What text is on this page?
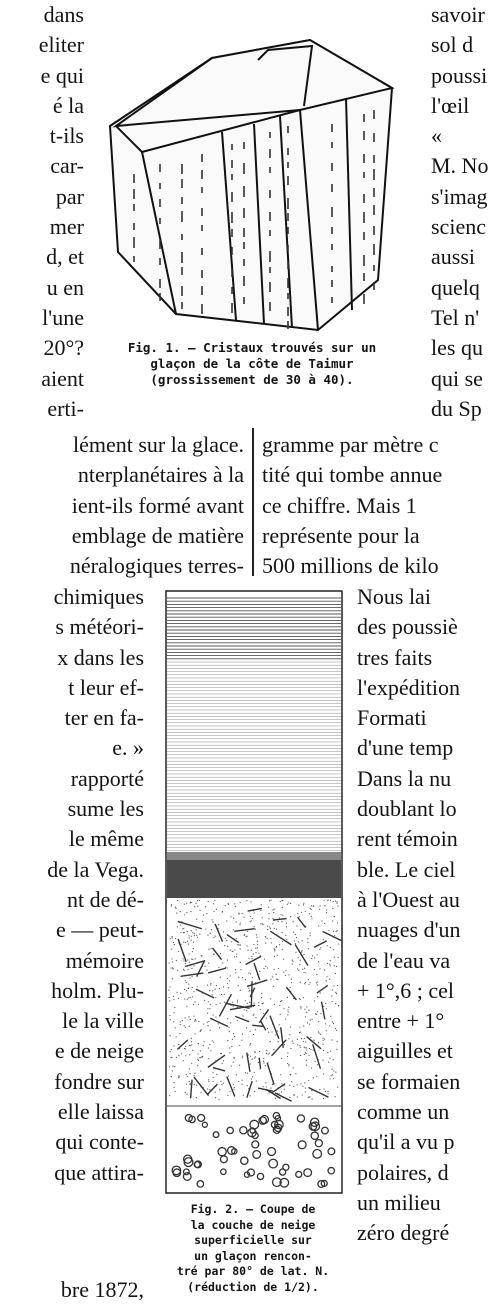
dans
eliter
e qui
é la
t-ils
car-
par
mer
d, et
u en
l'une
20°?
aient
erti-
savoir
sol d
poussi
l'œil
«
M. No
s'imag
scienc
aussi
quelq
Tel n'
les qu
qui se
du Sp
Fig. 1. — Cristaux trouvés sur un
glaçon de la côte de Taimur
(grossissement de 30 à 40).
lément sur la glace.
nterplanétaires à la
ient-ils formé avant
emblage de matière
néralogiques terres-
gramme par mètre c
tité qui tombe annue
ce chiffre. Mais 1
représente pour la
500 millions de kilo
chimiques
s météori-
x dans les
t leur ef-
ter en fa-
e. »
rapporté
sume les
le même
de la Vega.
nt de dé-
e — peut-
mémoire
holm. Plu-
le la ville
e de neige
fondre sur
elle laissa
qui conte-
que attira-
Nous lai
des poussiè
tres faits
l'expédition
Formati
d'une temp
Dans la nu
doublant lo
rent témoin
ble. Le ciel
à l'Ouest au
nuages d'un
de l'eau va
+ 1°,6 ; cel
entre + 1°
aiguilles et
se formaien
comme un
qu'il a vu p
polaires, d
un milieu
zéro degré
Fig. 2. — Coupe de
la couche de neige
superficielle sur
un glaçon rencon-
tré par 80° de lat. N.
(réduction de 1/2).
bre 1872,
